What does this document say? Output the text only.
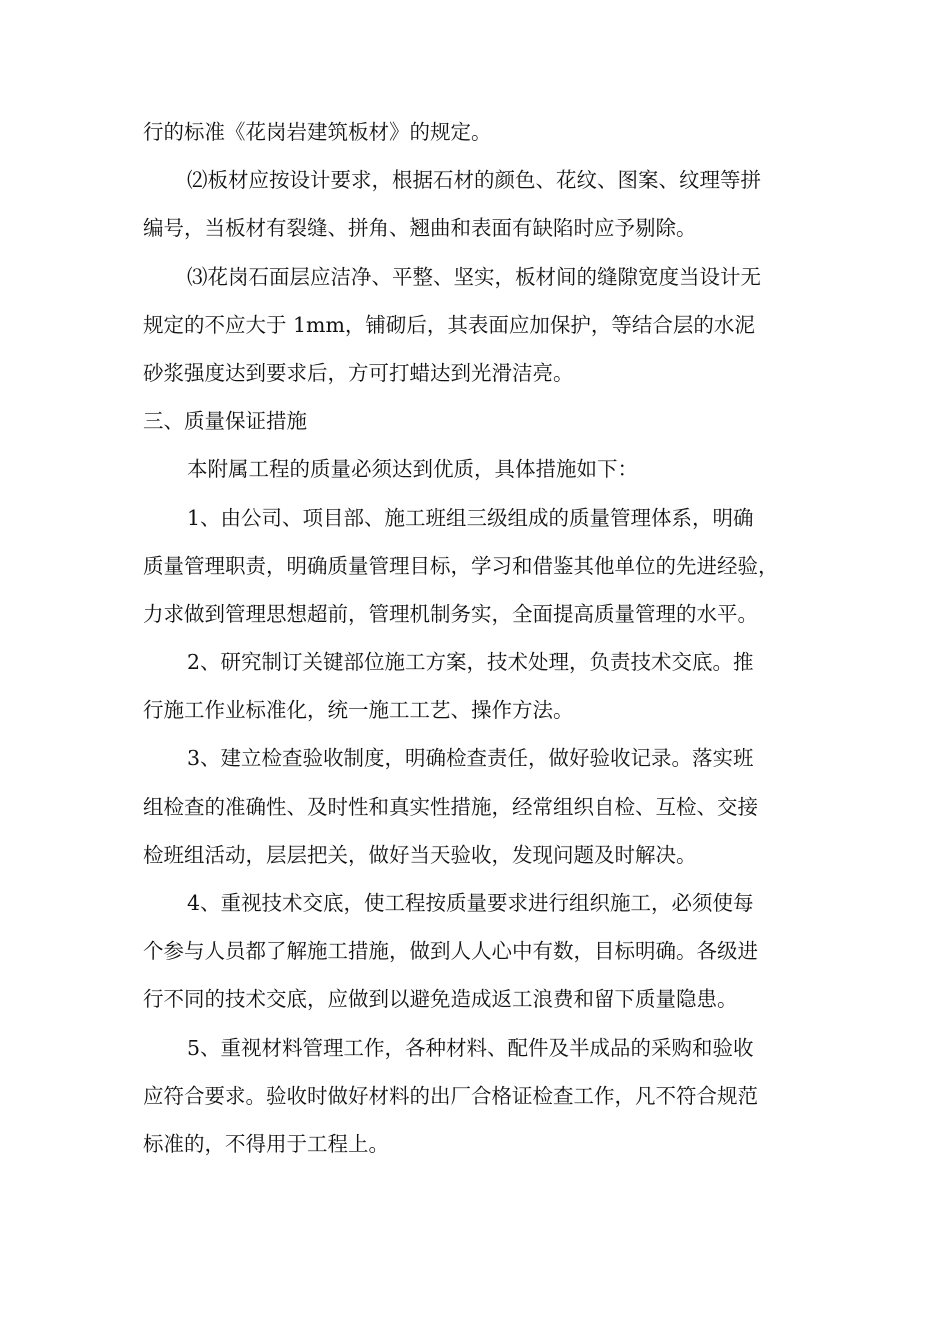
行的标准《花岗岩建筑板材》的规定。
⑵板材应按设计要求，根据石材的颜色、花纹、图案、纹理等拼
编号，当板材有裂缝、拼角、翘曲和表面有缺陷时应予剔除。
⑶花岗石面层应洁净、平整、坚实，板材间的缝隙宽度当设计无
规定的不应大于 1mm，铺砌后，其表面应加保护，等结合层的水泥
砂浆强度达到要求后，方可打蜡达到光滑洁亮。
三、质量保证措施
本附属工程的质量必须达到优质，具体措施如下：
1、由公司、项目部、施工班组三级组成的质量管理体系，明确
质量管理职责，明确质量管理目标，学习和借鉴其他单位的先进经验，
力求做到管理思想超前，管理机制务实，全面提高质量管理的水平。
2、研究制订关键部位施工方案，技术处理，负责技术交底。推
行施工作业标准化，统一施工工艺、操作方法。
3、建立检查验收制度，明确检查责任，做好验收记录。落实班
组检查的准确性、及时性和真实性措施，经常组织自检、互检、交接
检班组活动，层层把关，做好当天验收，发现问题及时解决。
4、重视技术交底，使工程按质量要求进行组织施工，必须使每
个参与人员都了解施工措施，做到人人心中有数，目标明确。各级进
行不同的技术交底，应做到以避免造成返工浪费和留下质量隐患。
5、重视材料管理工作，各种材料、配件及半成品的采购和验收
应符合要求。验收时做好材料的出厂合格证检查工作，凡不符合规范
标准的，不得用于工程上。
